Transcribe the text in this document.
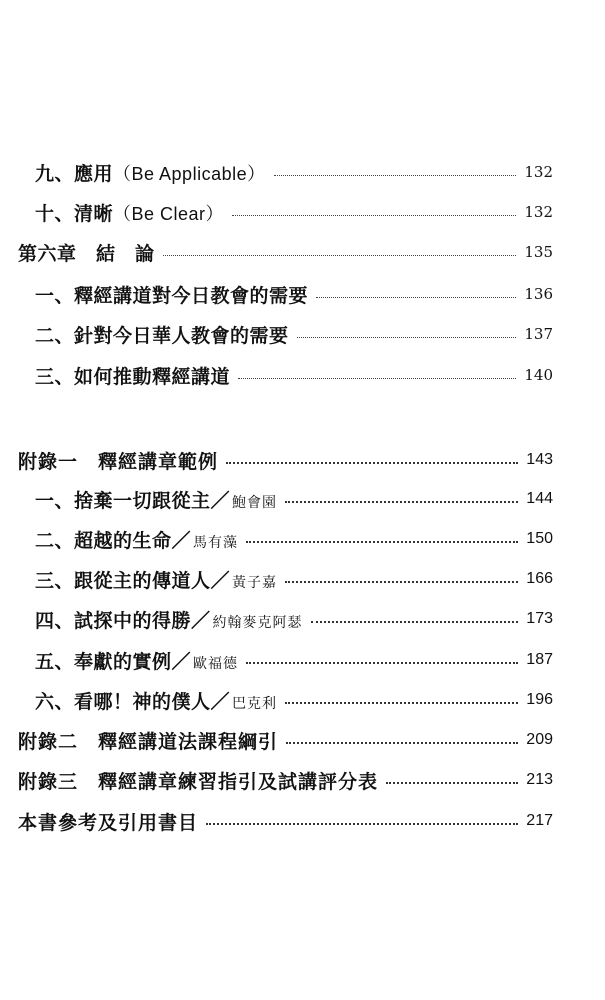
九、應用（Be Applicable）	132
十、清晰（Be Clear）	132
第六章　結　論	135
一、釋經講道對今日教會的需要	136
二、針對今日華人教會的需要	137
三、如何推動釋經講道	140
附錄一　釋經講章範例	143
一、捨棄一切跟從主／ 鮑會園	144
二、超越的生命／ 馬有藻	150
三、跟從主的傳道人／ 黃子嘉	166
四、試探中的得勝／ 約翰麥克阿瑟	173
五、奉獻的實例／ 歐福德	187
六、看哪！神的僕人／ 巴克利	196
附錄二　釋經講道法課程綱引	209
附錄三　釋經講章練習指引及試講評分表	213
本書參考及引用書目	217
